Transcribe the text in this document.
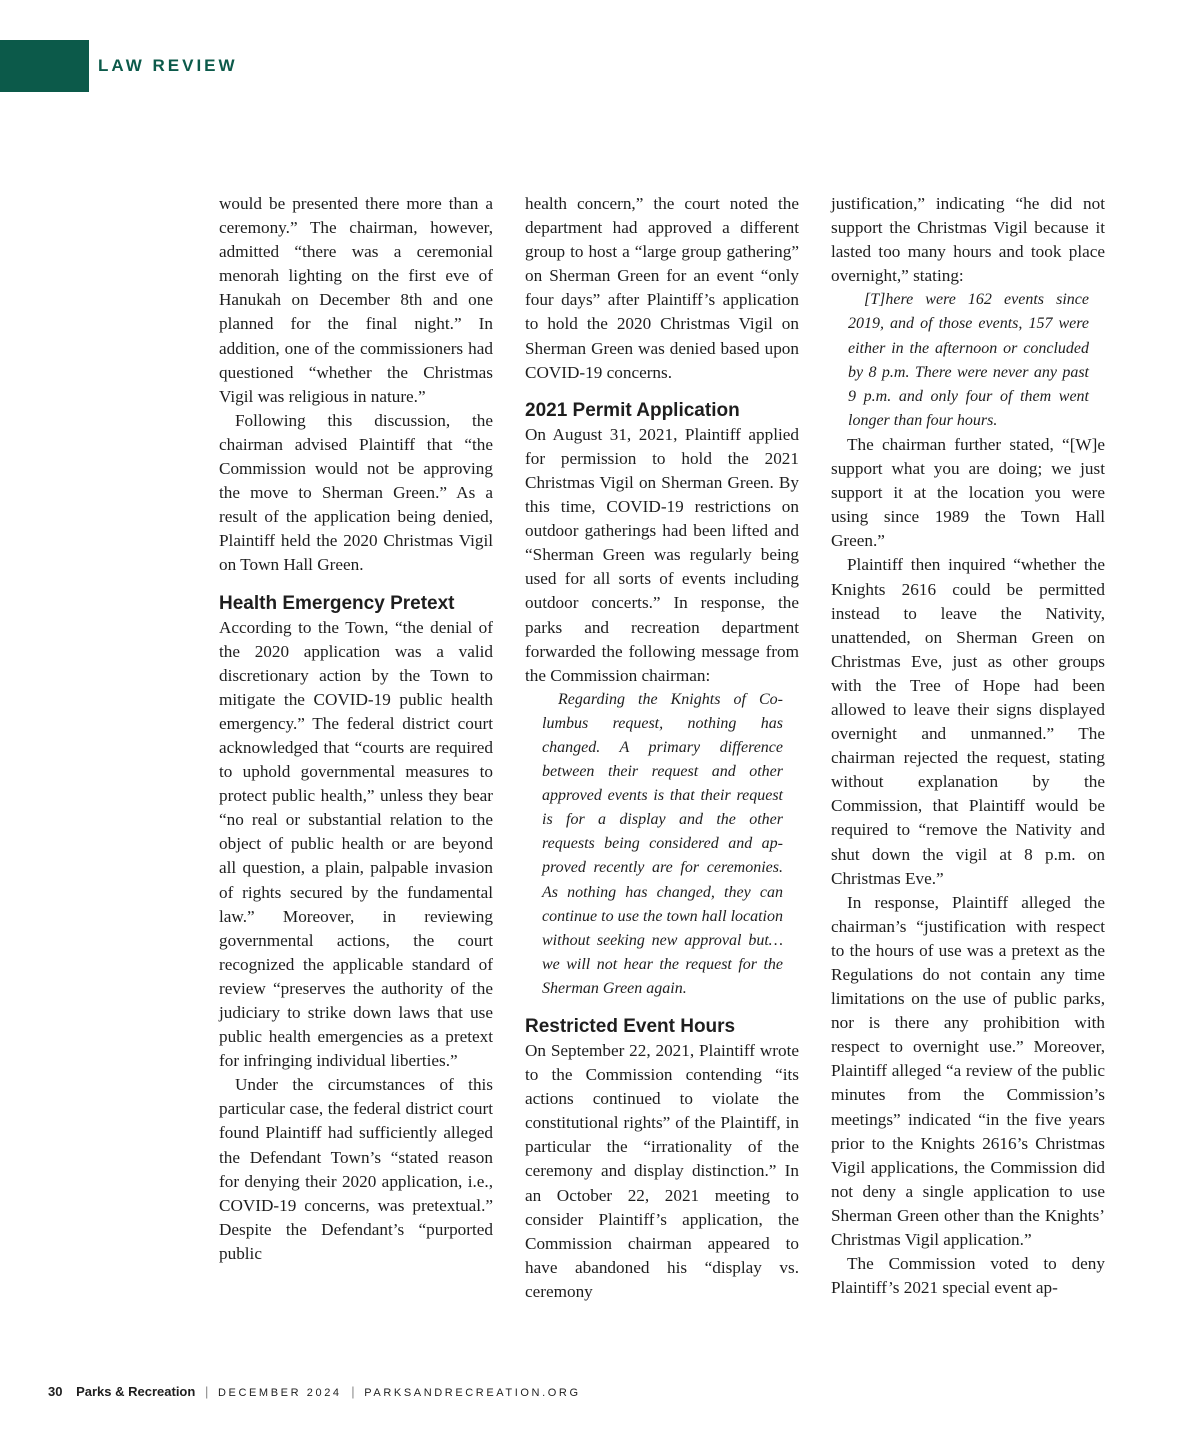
LAW REVIEW

would be presented there more than a ceremony.” The chairman, however, admitted “there was a ceremonial menorah lighting on the first eve of Hanukah on December 8th and one planned for the final night.” In addition, one of the commissioners had questioned “whether the Christmas Vigil was religious in nature.”

Following this discussion, the chairman advised Plaintiff that “the Commission would not be approving the move to Sherman Green.” As a result of the application being denied, Plaintiff held the 2020 Christmas Vigil on Town Hall Green.

Health Emergency Pretext

According to the Town, “the denial of the 2020 application was a valid discretionary action by the Town to mitigate the COVID-19 public health emergency.” The federal district court acknowledged that “courts are required to uphold governmental measures to protect public health,” unless they bear “no real or substantial relation to the object of public health or are beyond all question, a plain, palpable invasion of rights secured by the fundamental law.” Moreover, in reviewing governmental actions, the court recognized the applicable standard of review “preserves the authority of the judiciary to strike down laws that use public health emergencies as a pretext for infringing individual liberties.”

Under the circumstances of this particular case, the federal district court found Plaintiff had sufficiently alleged the Defendant Town’s “stated reason for denying their 2020 application, i.e., COVID-19 concerns, was pretextual.” Despite the Defendant’s “purported public

health concern,” the court noted the department had approved a different group to host a “large group gathering” on Sherman Green for an event “only four days” after Plaintiff’s application to hold the 2020 Christmas Vigil on Sherman Green was denied based upon COVID-19 concerns.

2021 Permit Application

On August 31, 2021, Plaintiff applied for permission to hold the 2021 Christmas Vigil on Sherman Green. By this time, COVID-19 restrictions on outdoor gatherings had been lifted and “Sherman Green was regularly being used for all sorts of events including outdoor concerts.” In response, the parks and recreation department forwarded the following message from the Commission chairman:

Regarding the Knights of Columbus request, nothing has changed. A primary difference between their request and other approved events is that their request is for a display and the other requests being considered and approved recently are for ceremonies. As nothing has changed, they can continue to use the town hall location without seeking new approval but…we will not hear the request for the Sherman Green again.

Restricted Event Hours

On September 22, 2021, Plaintiff wrote to the Commission contending “its actions continued to violate the constitutional rights” of the Plaintiff, in particular the “irrationality of the ceremony and display distinction.” In an October 22, 2021 meeting to consider Plaintiff’s application, the Commission chairman appeared to have abandoned his “display vs. ceremony

justification,” indicating “he did not support the Christmas Vigil because it lasted too many hours and took place overnight,” stating:

[T]here were 162 events since 2019, and of those events, 157 were either in the afternoon or concluded by 8 p.m. There were never any past 9 p.m. and only four of them went longer than four hours.

The chairman further stated, “[W]e support what you are doing; we just support it at the location you were using since 1989 the Town Hall Green.”

Plaintiff then inquired “whether the Knights 2616 could be permitted instead to leave the Nativity, unattended, on Sherman Green on Christmas Eve, just as other groups with the Tree of Hope had been allowed to leave their signs displayed overnight and unmanned.” The chairman rejected the request, stating without explanation by the Commission, that Plaintiff would be required to “remove the Nativity and shut down the vigil at 8 p.m. on Christmas Eve.”

In response, Plaintiff alleged the chairman’s “justification with respect to the hours of use was a pretext as the Regulations do not contain any time limitations on the use of public parks, nor is there any prohibition with respect to overnight use.” Moreover, Plaintiff alleged “a review of the public minutes from the Commission’s meetings” indicated “in the five years prior to the Knights 2616’s Christmas Vigil applications, the Commission did not deny a single application to use Sherman Green other than the Knights’ Christmas Vigil application.”

The Commission voted to deny Plaintiff’s 2021 special event ap-

30 Parks & Recreation | DECEMBER 2024 | PARKSANDRECREATION.ORG
